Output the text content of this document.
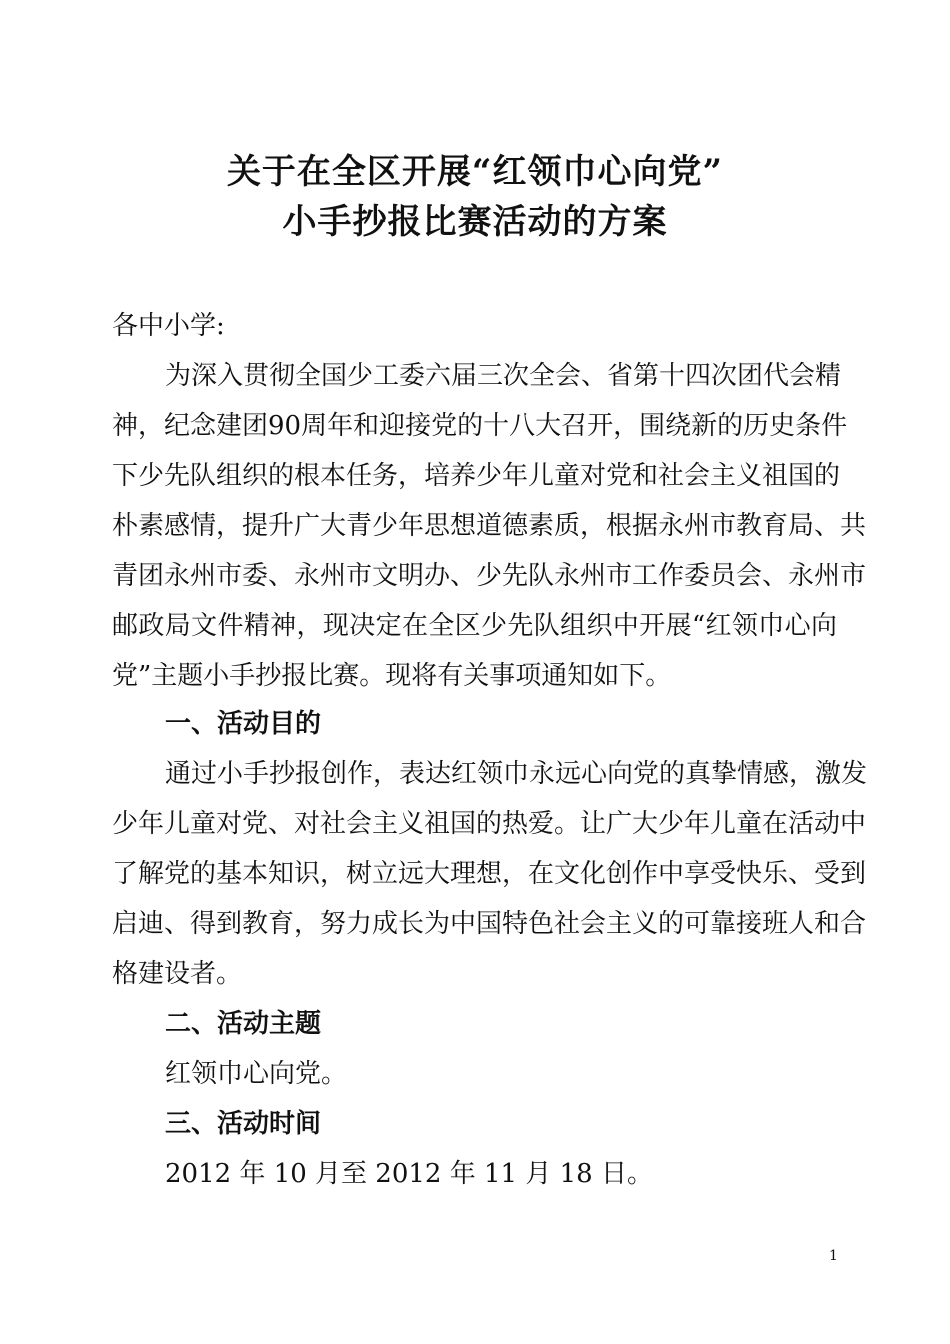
关于在全区开展“红领巾心向党”
小手抄报比赛活动的方案
各中小学:
为深入贯彻全国少工委六届三次全会、省第十四次团代会精
神，纪念建团90周年和迎接党的十八大召开，围绕新的历史条件
下少先队组织的根本任务，培养少年儿童对党和社会主义祖国的
朴素感情，提升广大青少年思想道德素质，根据永州市教育局、共
青团永州市委、永州市文明办、少先队永州市工作委员会、永州市
邮政局文件精神，现决定在全区少先队组织中开展“红领巾心向
党”主题小手抄报比赛。现将有关事项通知如下。
一、活动目的
通过小手抄报创作，表达红领巾永远心向党的真挚情感，激发
少年儿童对党、对社会主义祖国的热爱。让广大少年儿童在活动中
了解党的基本知识，树立远大理想，在文化创作中享受快乐、受到
启迪、得到教育，努力成长为中国特色社会主义的可靠接班人和合
格建设者。
二、活动主题
红领巾心向党。
三、活动时间
2012 年 10 月至 2012 年 11 月 18 日。
1
